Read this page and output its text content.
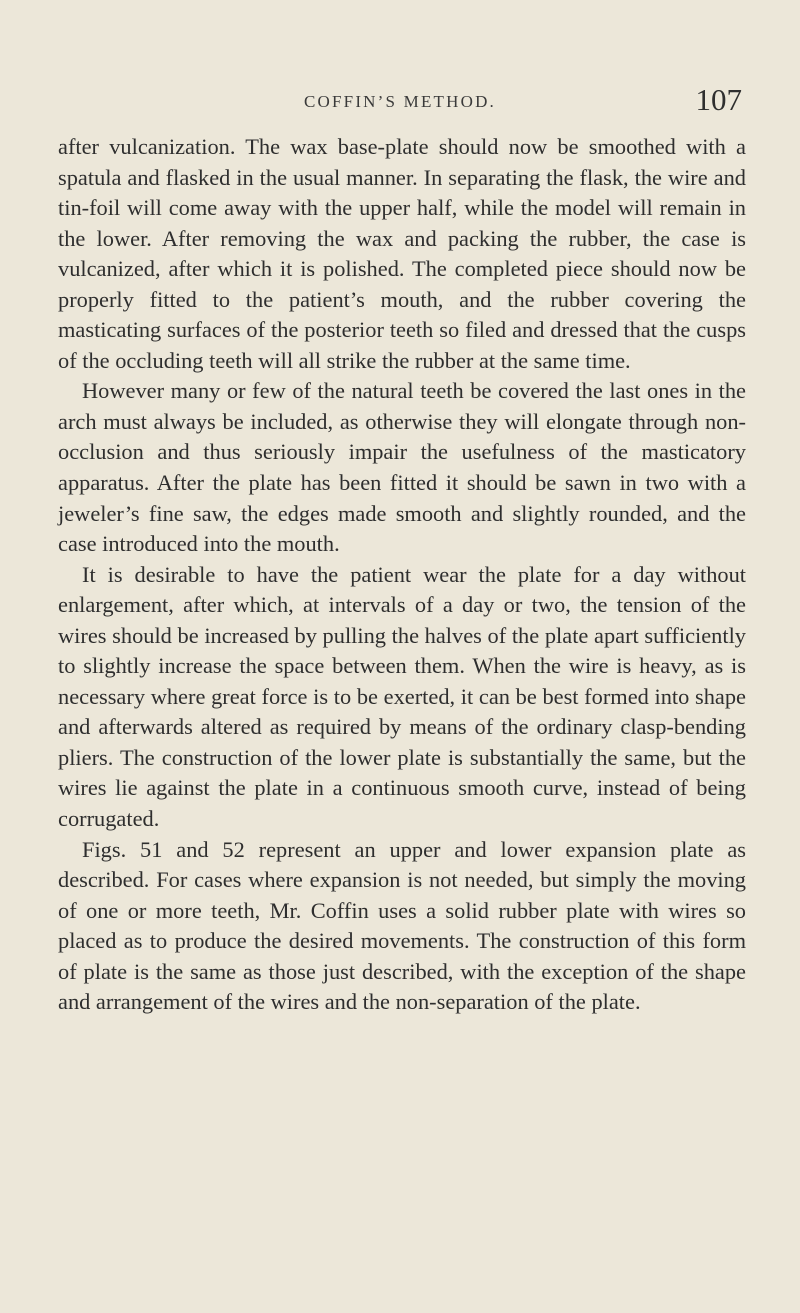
COFFIN’S METHOD.	107

after vulcanization. The wax base-plate should now be smoothed with a spatula and flasked in the usual manner. In separating the flask, the wire and tin-foil will come away with the upper half, while the model will remain in the lower. After removing the wax and packing the rubber, the case is vulcanized, after which it is polished. The completed piece should now be properly fitted to the patient’s mouth, and the rubber covering the masticating surfaces of the posterior teeth so filed and dressed that the cusps of the occluding teeth will all strike the rubber at the same time.

However many or few of the natural teeth be covered the last ones in the arch must always be included, as otherwise they will elongate through non-occlusion and thus seriously impair the usefulness of the masticatory apparatus. After the plate has been fitted it should be sawn in two with a jeweler’s fine saw, the edges made smooth and slightly rounded, and the case introduced into the mouth.

It is desirable to have the patient wear the plate for a day without enlargement, after which, at intervals of a day or two, the tension of the wires should be increased by pulling the halves of the plate apart sufficiently to slightly increase the space between them. When the wire is heavy, as is necessary where great force is to be exerted, it can be best formed into shape and afterwards altered as required by means of the ordinary clasp-bending pliers. The construction of the lower plate is substantially the same, but the wires lie against the plate in a continuous smooth curve, instead of being corrugated.

Figs. 51 and 52 represent an upper and lower expansion plate as described. For cases where expansion is not needed, but simply the moving of one or more teeth, Mr. Coffin uses a solid rubber plate with wires so placed as to produce the desired movements. The construction of this form of plate is the same as those just described, with the exception of the shape and arrangement of the wires and the non-separation of the plate.
